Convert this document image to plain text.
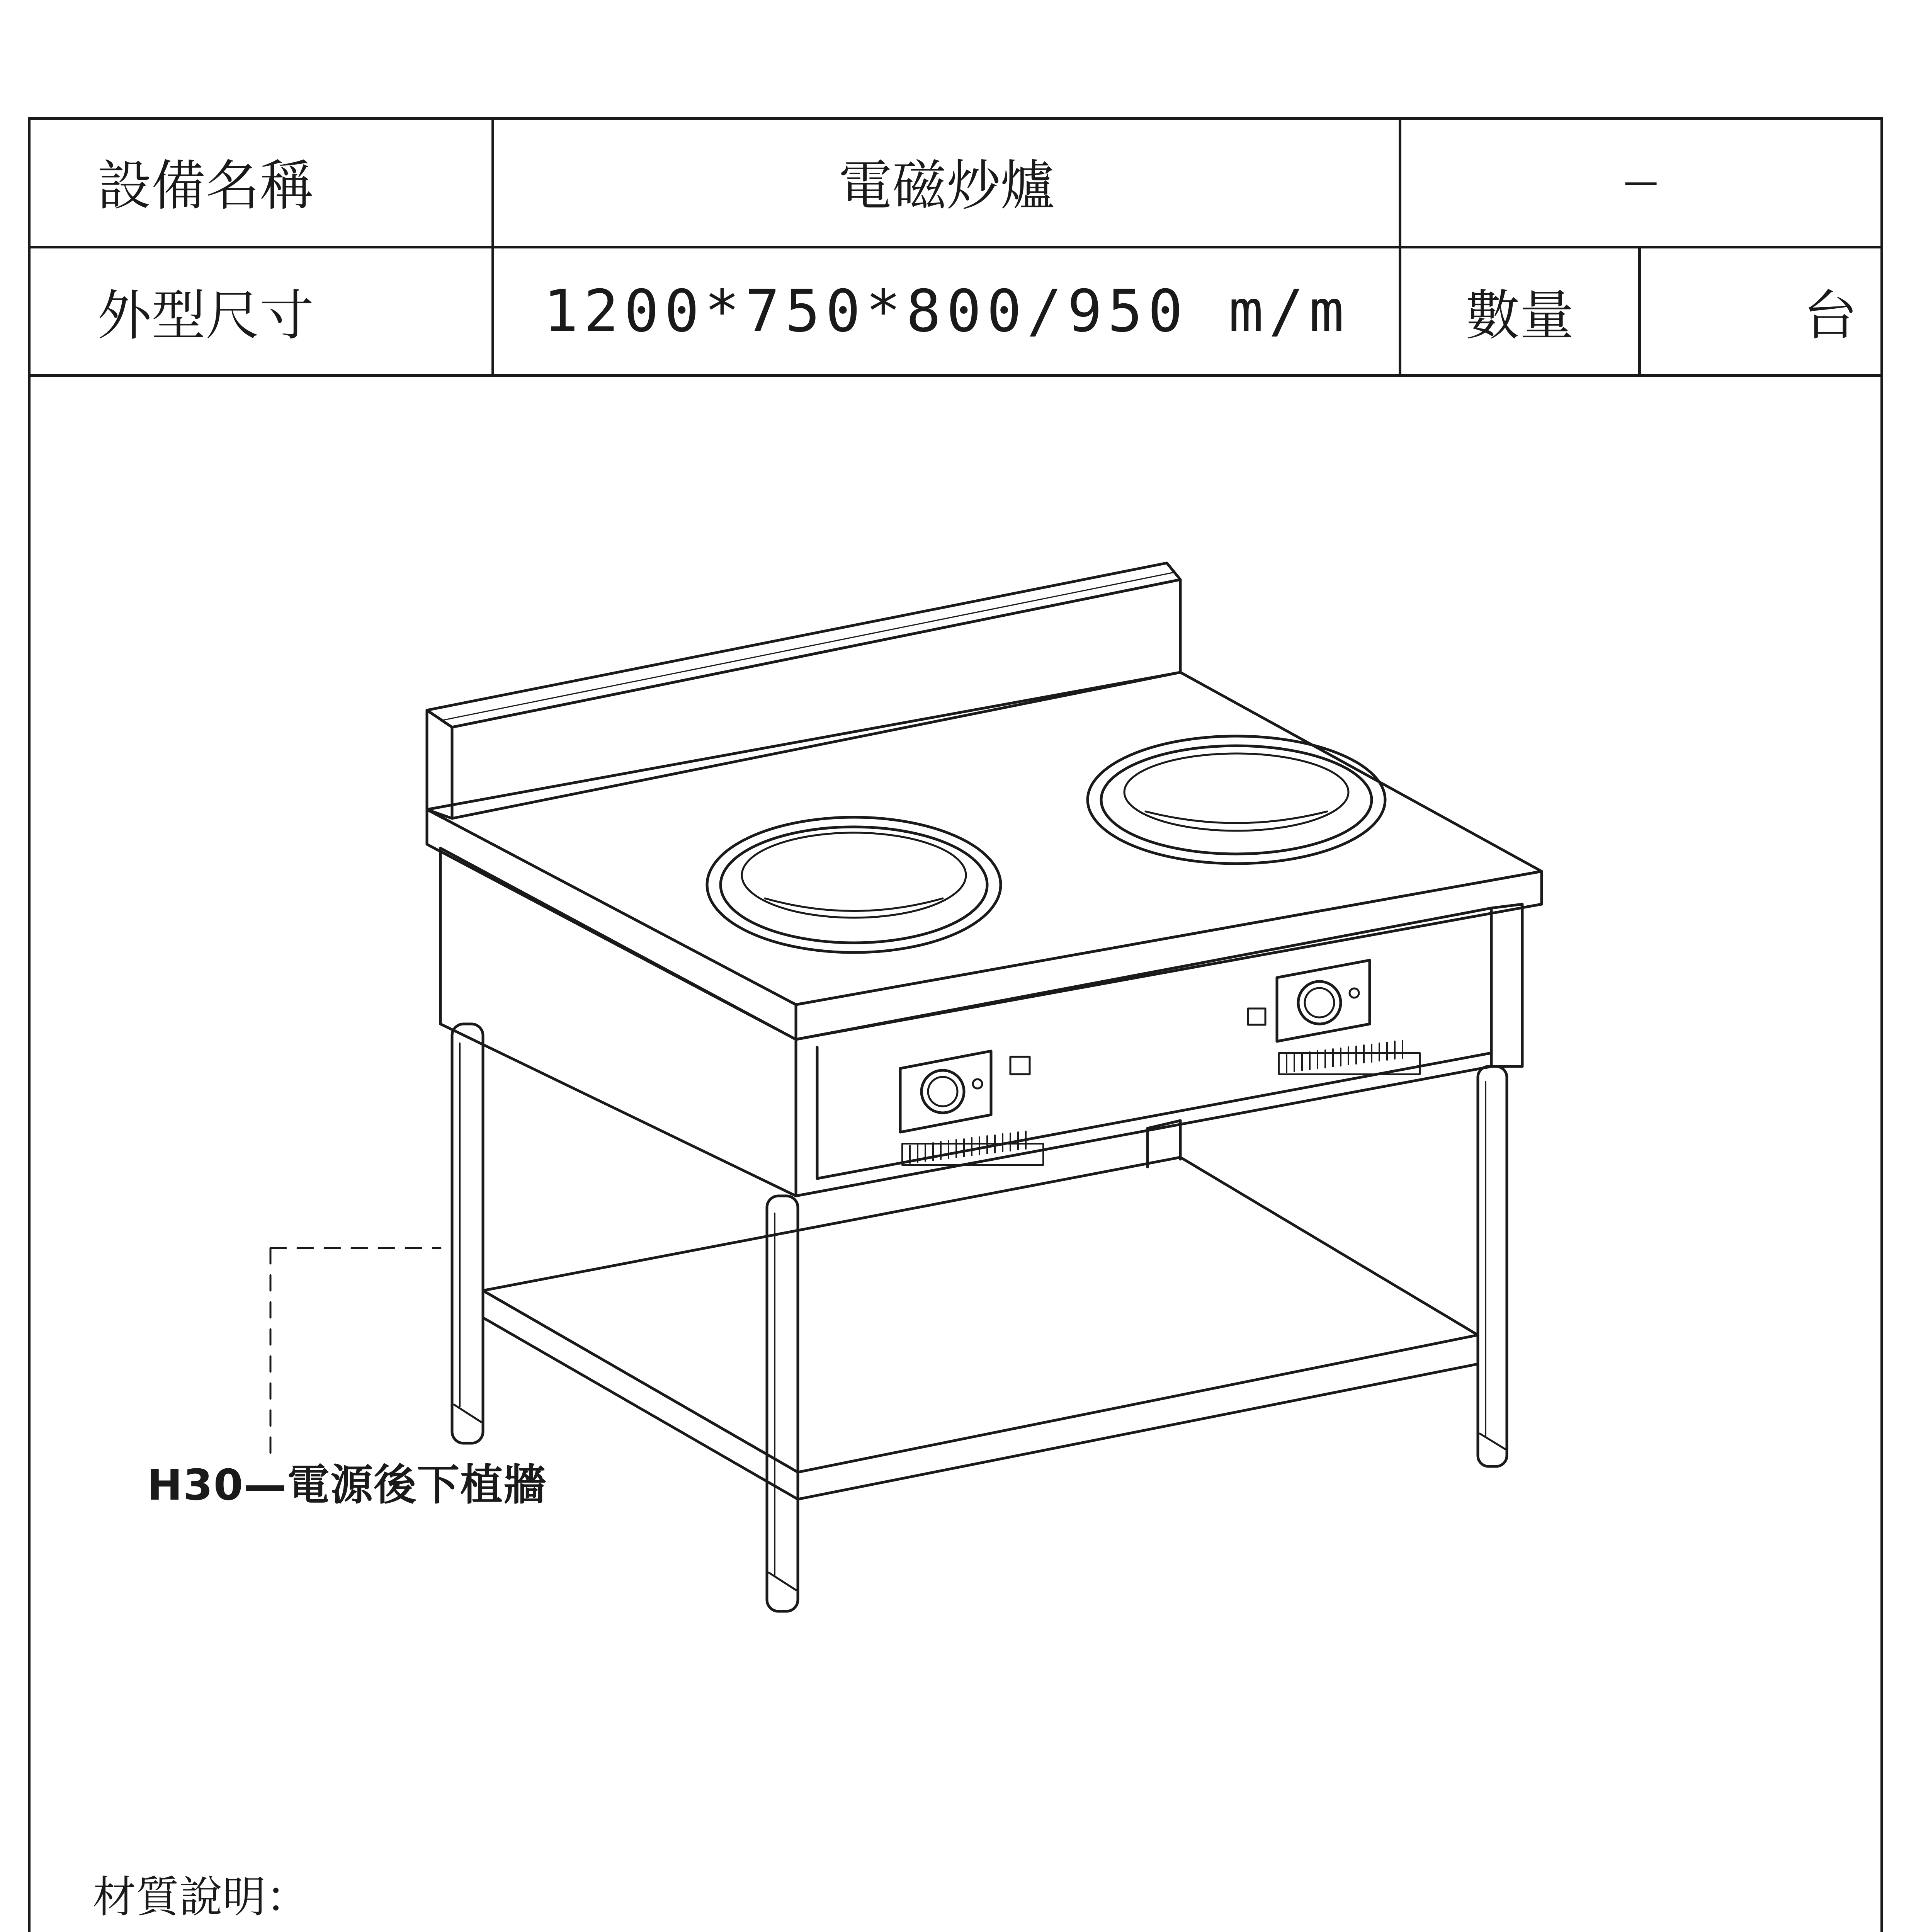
設備名稱	電磁炒爐	—
外型尺寸	1200*750*800/950 m/m	數量	台
H30—電源後下植牆
材質說明：
